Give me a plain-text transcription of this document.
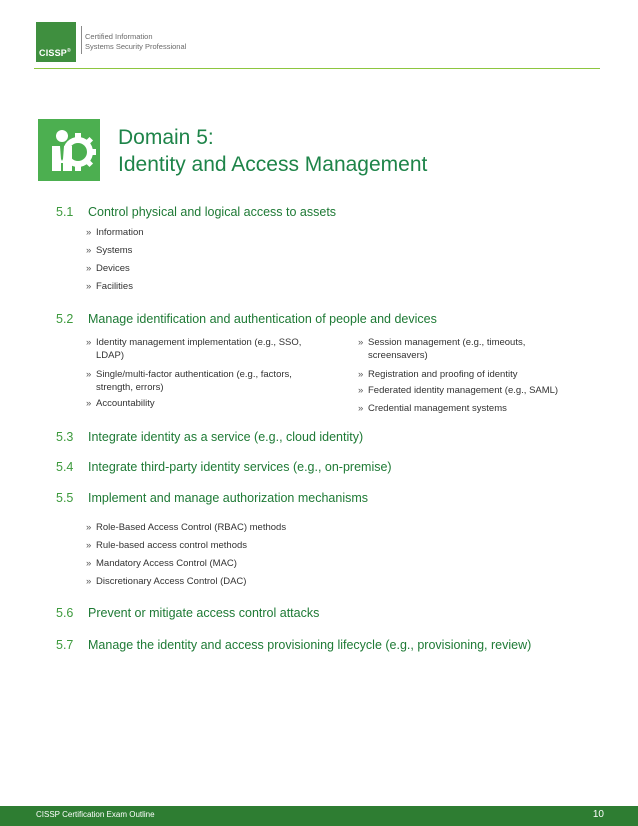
CISSP®
Certified Information
Systems Security Professional
Domain 5:
Identity and Access Management
5.1 Control physical and logical access to assets
» Information
» Systems
» Devices
» Facilities
5.2 Manage identification and authentication of people and devices
» Identity management implementation (e.g., SSO,
LDAP)
» Single/multi-factor authentication (e.g., factors,
strength, errors)
» Accountability
» Session management (e.g., timeouts,
screensavers)
» Registration and proofing of identity
» Federated identity management (e.g., SAML)
» Credential management systems
5.3 Integrate identity as a service (e.g., cloud identity)
5.4 Integrate third-party identity services (e.g., on-premise)
5.5 Implement and manage authorization mechanisms
» Role-Based Access Control (RBAC) methods
» Rule-based access control methods
» Mandatory Access Control (MAC)
» Discretionary Access Control (DAC)
5.6 Prevent or mitigate access control attacks
5.7 Manage the identity and access provisioning lifecycle (e.g., provisioning, review)
CISSP Certification Exam Outline	10
